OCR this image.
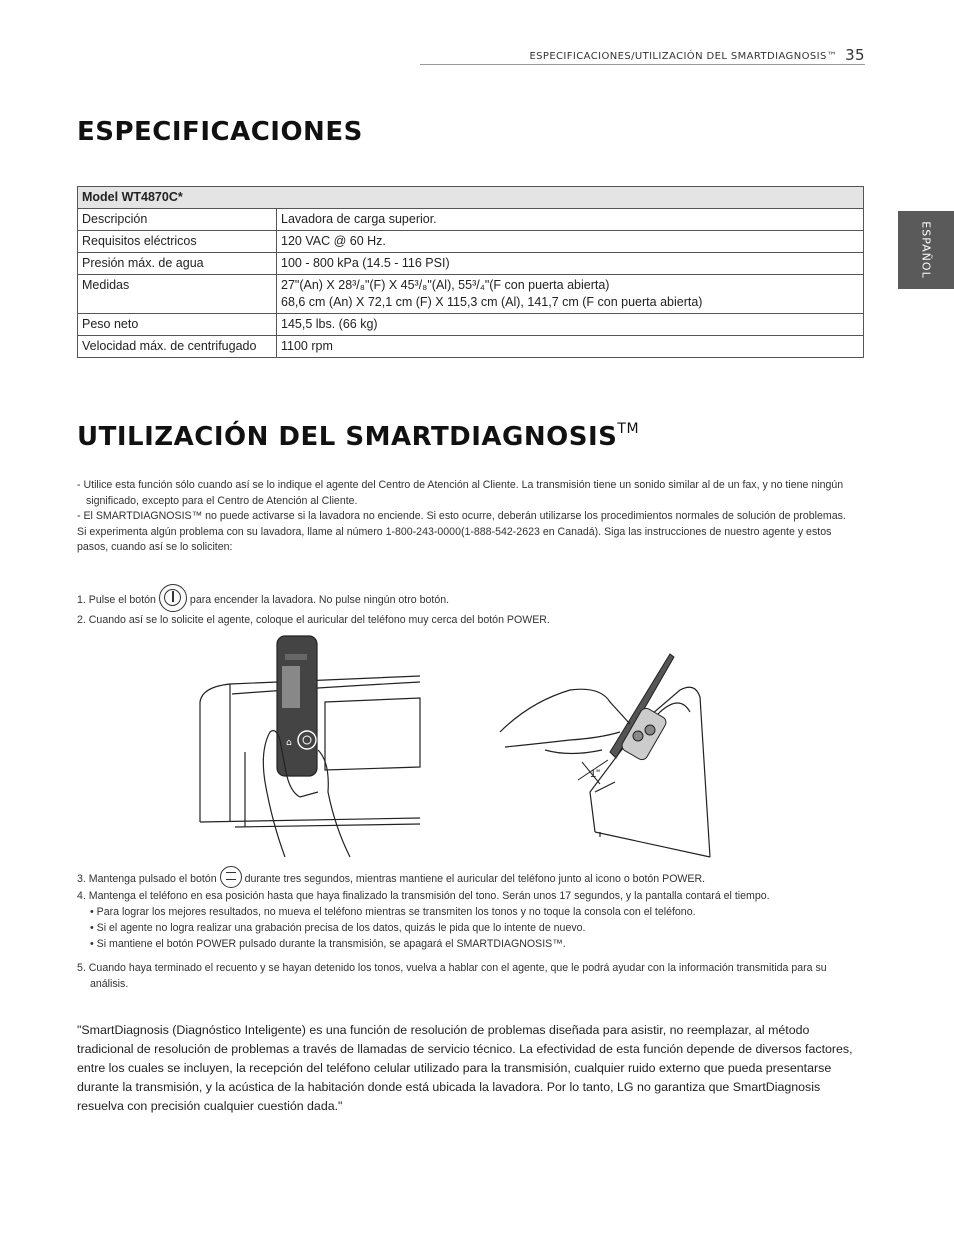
ESPECIFICACIONES/UTILIZACIÓN DEL SMARTDIAGNOSIS™ 35
ESPAÑOL
ESPECIFICACIONES
Model WT4870C*	
Descripción	Lavadora de carga superior.
Requisitos eléctricos	120 VAC @ 60 Hz.
Presión máx. de agua	100 - 800 kPa (14.5 - 116 PSI)
Medidas	27"(An) X 28³/₈"(F) X 45³/₈"(Al), 55³/₄"(F con puerta abierta)
68,6 cm (An) X 72,1 cm (F) X 115,3 cm (Al), 141,7 cm (F con puerta abierta)

Peso neto	145,5 lbs. (66 kg)
Velocidad máx. de centrifugado	1100 rpm
UTILIZACIÓN DEL SMARTDIAGNOSIS™

- Utilice esta función sólo cuando así se lo indique el agente del Centro de Atención al Cliente. La transmisión tiene un sonido similar al de un fax, y no tiene ningún significado, excepto para el Centro de Atención al Cliente.

- El SMARTDIAGNOSIS™ no puede activarse si la lavadora no enciende. Si esto ocurre, deberán utilizarse los procedimientos normales de solución de problemas.

Si experimenta algún problema con su lavadora, llame al número 1-800-243-0000(1-888-542-2623 en Canadá). Siga las instrucciones de nuestro agente y estos pasos, cuando así se lo soliciten:

1. Pulse el botón	para encender la lavadora. No pulse ningún otro botón.

2. Cuando así se lo solicite el agente, coloque el auricular del teléfono muy cerca del botón POWER.

⌂
1"

3. Mantenga pulsado el botón	durante tres segundos, mientras mantiene el auricular del teléfono junto al icono o botón POWER.

4. Mantenga el teléfono en esa posición hasta que haya finalizado la transmisión del tono. Serán unos 17 segundos, y la pantalla contará el tiempo.

• Para lograr los mejores resultados, no mueva el teléfono mientras se transmiten los tonos y no toque la consola con el teléfono.

• Si el agente no logra realizar una grabación precisa de los datos, quizás le pida que lo intente de nuevo.

• Si mantiene el botón POWER pulsado durante la transmisión, se apagará el SMARTDIAGNOSIS™.

5. Cuando haya terminado el recuento y se hayan detenido los tonos, vuelva a hablar con el agente, que le podrá ayudar con la información transmitida para su análisis.

"SmartDiagnosis (Diagnóstico Inteligente) es una función de resolución de problemas diseñada para asistir, no reemplazar, al método tradicional de resolución de problemas a través de llamadas de servicio técnico. La efectividad de esta función depende de diversos factores, entre los cuales se incluyen, la recepción del teléfono celular utilizado para la transmisión, cualquier ruido externo que pueda presentarse durante la transmisión, y la acústica de la habitación donde está ubicada la lavadora. Por lo tanto, LG no garantiza que SmartDiagnosis resuelva con precisión cualquier cuestión dada."
